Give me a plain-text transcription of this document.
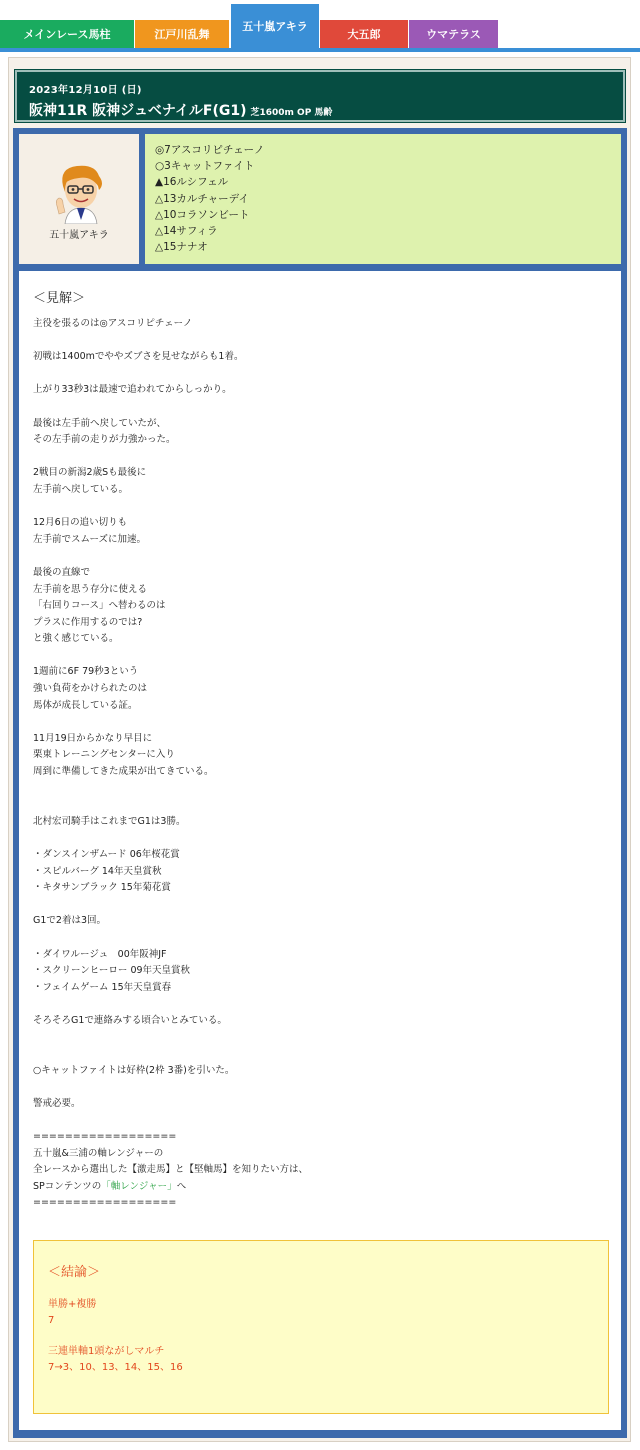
メインレース馬柱	江戸川乱舞
五十嵐アキラ
大五郎	ウマテラス
2023年12月10日 (日)
阪神11R 阪神ジュベナイルF(G1) 芝1600m OP 馬齢
五十嵐アキラ
◎7アスコリピチェーノ
○3キャットファイト
▲16ルシフェル
△13カルチャーデイ
△10コラソンビート
△14サフィラ
△15ナナオ
＜見解＞
主役を張るのは◎アスコリピチェーノ
初戦は1400mでややズブさを見せながらも1着。
上がり33秒3は最速で追われてからしっかり。
最後は左手前へ戻していたが、
その左手前の走りが力強かった。
2戦目の新潟2歳Sも最後に
左手前へ戻している。
12月6日の追い切りも
左手前でスムーズに加速。
最後の直線で
左手前を思う存分に使える
「右回りコース」へ替わるのは
プラスに作用するのでは?
と強く感じている。
1週前に6F 79秒3という
強い負荷をかけられたのは
馬体が成長している証。
11月19日からかなり早目に
栗東トレーニングセンターに入り
周到に準備してきた成果が出てきている。
北村宏司騎手はこれまでG1は3勝。
・ダンスインザムード 06年桜花賞
・スピルバーグ 14年天皇賞秋
・キタサンブラック 15年菊花賞
G1で2着は3回。
・ダイワルージュ　00年阪神JF
・スクリーンヒーロー 09年天皇賞秋
・フェイムゲーム 15年天皇賞春
そろそろG1で連絡みする頃合いとみている。
○キャットファイトは好枠(2枠 3番)を引いた。
警戒必要。
==================
五十嵐&三浦の軸レンジャーの
全レースから選出した【激走馬】と【堅軸馬】を知りたい方は、
SPコンテンツの「軸レンジャー」へ
==================
＜結論＞
単勝+複勝
7
三連単軸1頭ながしマルチ
7→3、10、13、14、15、16
